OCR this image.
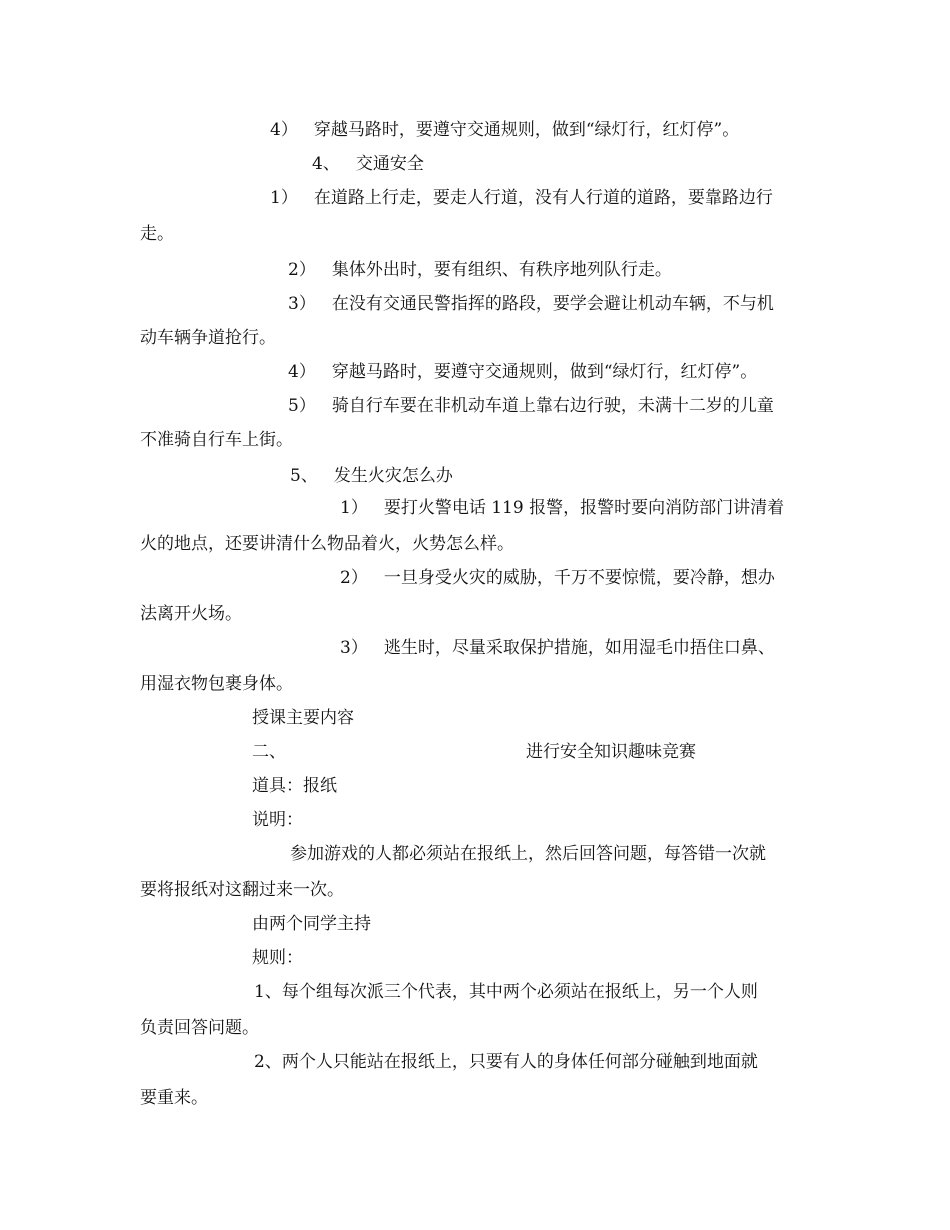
4） 穿越马路时，要遵守交通规则，做到“绿灯行，红灯停”。
4、 交通安全
1） 在道路上行走，要走人行道，没有人行道的道路，要靠路边行
走。
2） 集体外出时，要有组织、有秩序地列队行走。
3） 在没有交通民警指挥的路段，要学会避让机动车辆，不与机
动车辆争道抢行。
4） 穿越马路时，要遵守交通规则，做到“绿灯行，红灯停”。
5） 骑自行车要在非机动车道上靠右边行驶，未满十二岁的儿童
不准骑自行车上街。
5、 发生火灾怎么办
1） 要打火警电话 119 报警，报警时要向消防部门讲清着
火的地点，还要讲清什么物品着火，火势怎么样。
2） 一旦身受火灾的威胁，千万不要惊慌，要冷静，想办
法离开火场。
3） 逃生时，尽量采取保护措施，如用湿毛巾捂住口鼻、
用湿衣物包裹身体。
授课主要内容
二、	进行安全知识趣味竞赛
道具：报纸
说明：
参加游戏的人都必须站在报纸上，然后回答问题，每答错一次就
要将报纸对这翻过来一次。
由两个同学主持
规则：
1、每个组每次派三个代表，其中两个必须站在报纸上，另一个人则
负责回答问题。
2、两个人只能站在报纸上，只要有人的身体任何部分碰触到地面就
要重来。
